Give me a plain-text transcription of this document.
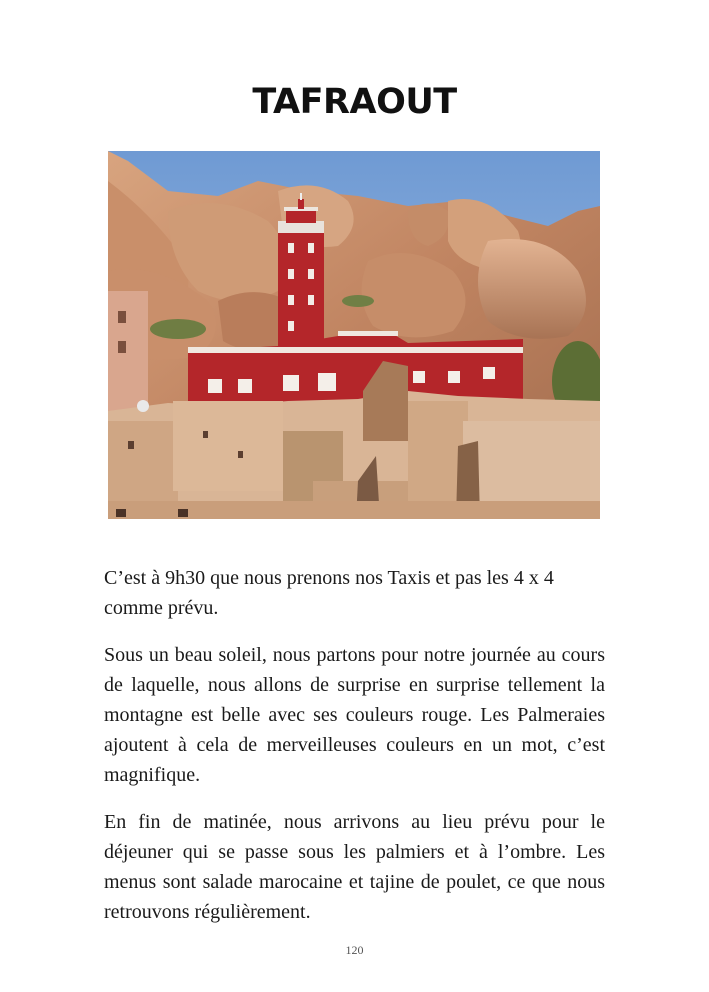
TAFRAOUT

C’est à 9h30 que nous prenons nos Taxis et pas les 4 x 4 comme prévu.

Sous un beau soleil, nous partons pour notre journée au cours de laquelle, nous allons de surprise en surprise tellement la montagne est belle avec ses couleurs rouge. Les Palmeraies ajoutent à cela de merveilleuses couleurs en un mot, c’est magnifique.

En fin de matinée, nous arrivons au lieu prévu pour le déjeuner qui se passe sous les palmiers et à l’ombre. Les menus sont salade marocaine et tajine de poulet, ce que nous retrouvons régulièrement.

120
